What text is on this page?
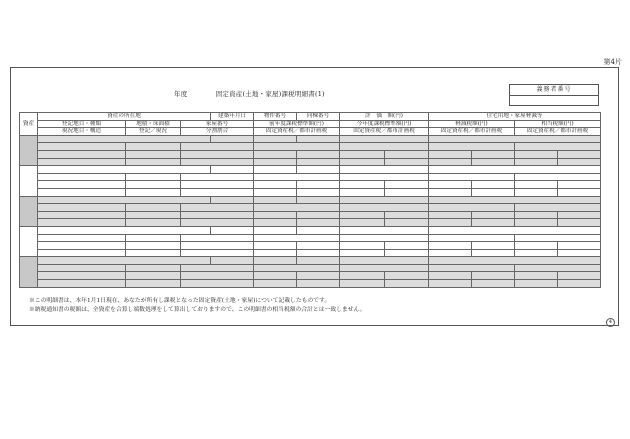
第4片
年度	固定資産(土地・家屋)課税明細書(1)
義務者番号
資産	資産の所在地			建築年月日	物件番号	同棟番号	評　価　額(円)		住宅用地・家屋軽減等			
	登記地目・種類	地積・床面積	家屋番号		前年度課税標準額(円)		今年度課税標準額(円)		軽減税額(円)		相当税額(円)	
	現況地目・構造	登記／現況	分割割合		固定資産税／都市計画税		固定資産税／都市計画税		固定資産税／都市計画税		固定資産税／都市計画税	

※この明細書は、本年1月1日現在、あなたが所有し課税となった固定資産(土地・家屋)について記載したものです。
※納税通知書の税額は、全資産を合算し端数処理をして算出しておりますので、この明細書の相当税額の合計とは一致しません。
4
